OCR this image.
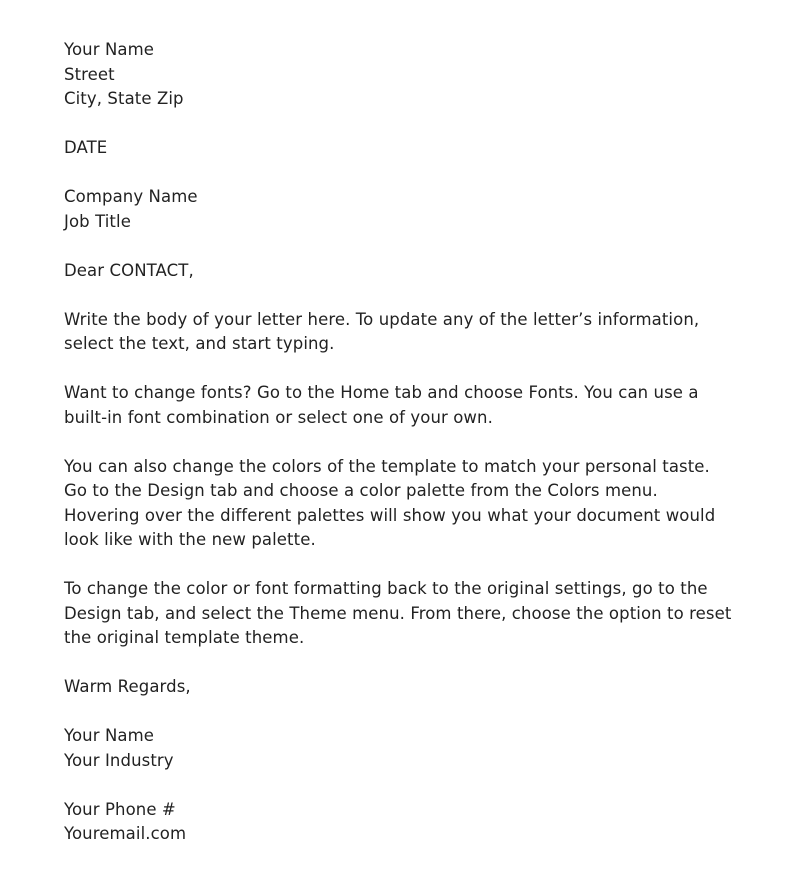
Your Name
Street
City, State Zip
DATE
Company Name
Job Title
Dear CONTACT,
Write the body of your letter here. To update any of the letter’s information,
select the text, and start typing.
Want to change fonts? Go to the Home tab and choose Fonts. You can use a
built-in font combination or select one of your own.
You can also change the colors of the template to match your personal taste.
Go to the Design tab and choose a color palette from the Colors menu.
Hovering over the different palettes will show you what your document would
look like with the new palette.
To change the color or font formatting back to the original settings, go to the
Design tab, and select the Theme menu. From there, choose the option to reset
the original template theme.
Warm Regards,
Your Name
Your Industry
Your Phone #
Youremail.com
